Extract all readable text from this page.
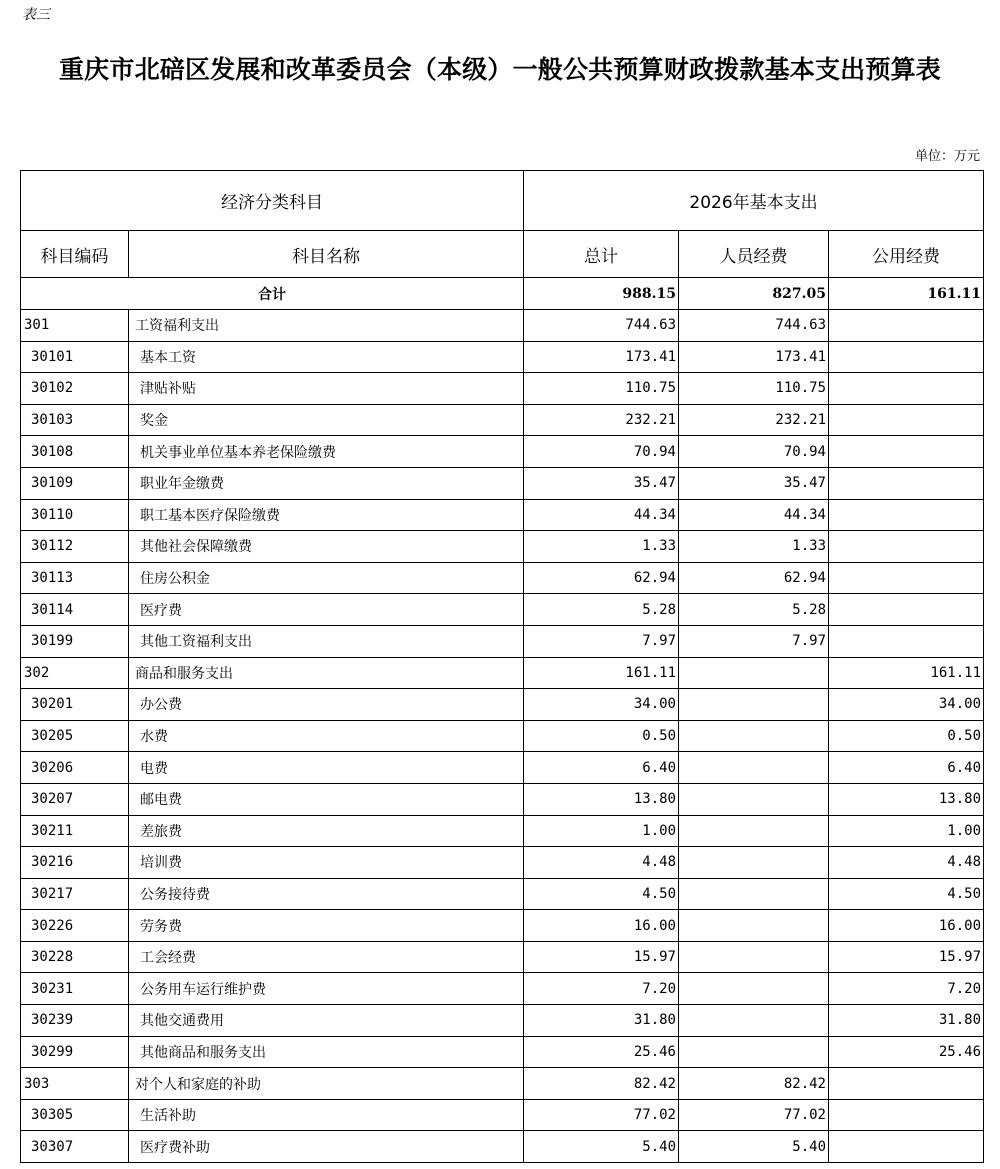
表三
重庆市北碚区发展和改革委员会（本级）一般公共预算财政拨款基本支出预算表
单位：万元
经济分类科目		2026年基本支出		
科目编码	科目名称	总计	人员经费	公用经费
合计		988.15	827.05	161.11
301	工资福利支出	744.63	744.63	
30101	基本工资	173.41	173.41	
30102	津贴补贴	110.75	110.75	
30103	奖金	232.21	232.21	
30108	机关事业单位基本养老保险缴费	70.94	70.94	
30109	职业年金缴费	35.47	35.47	
30110	职工基本医疗保险缴费	44.34	44.34	
30112	其他社会保障缴费	1.33	1.33	
30113	住房公积金	62.94	62.94	
30114	医疗费	5.28	5.28	
30199	其他工资福利支出	7.97	7.97	
302	商品和服务支出	161.11		161.11
30201	办公费	34.00		34.00
30205	水费	0.50		0.50
30206	电费	6.40		6.40
30207	邮电费	13.80		13.80
30211	差旅费	1.00		1.00
30216	培训费	4.48		4.48
30217	公务接待费	4.50		4.50
30226	劳务费	16.00		16.00
30228	工会经费	15.97		15.97
30231	公务用车运行维护费	7.20		7.20
30239	其他交通费用	31.80		31.80
30299	其他商品和服务支出	25.46		25.46
303	对个人和家庭的补助	82.42	82.42	
30305	生活补助	77.02	77.02	
30307	医疗费补助	5.40	5.40	
